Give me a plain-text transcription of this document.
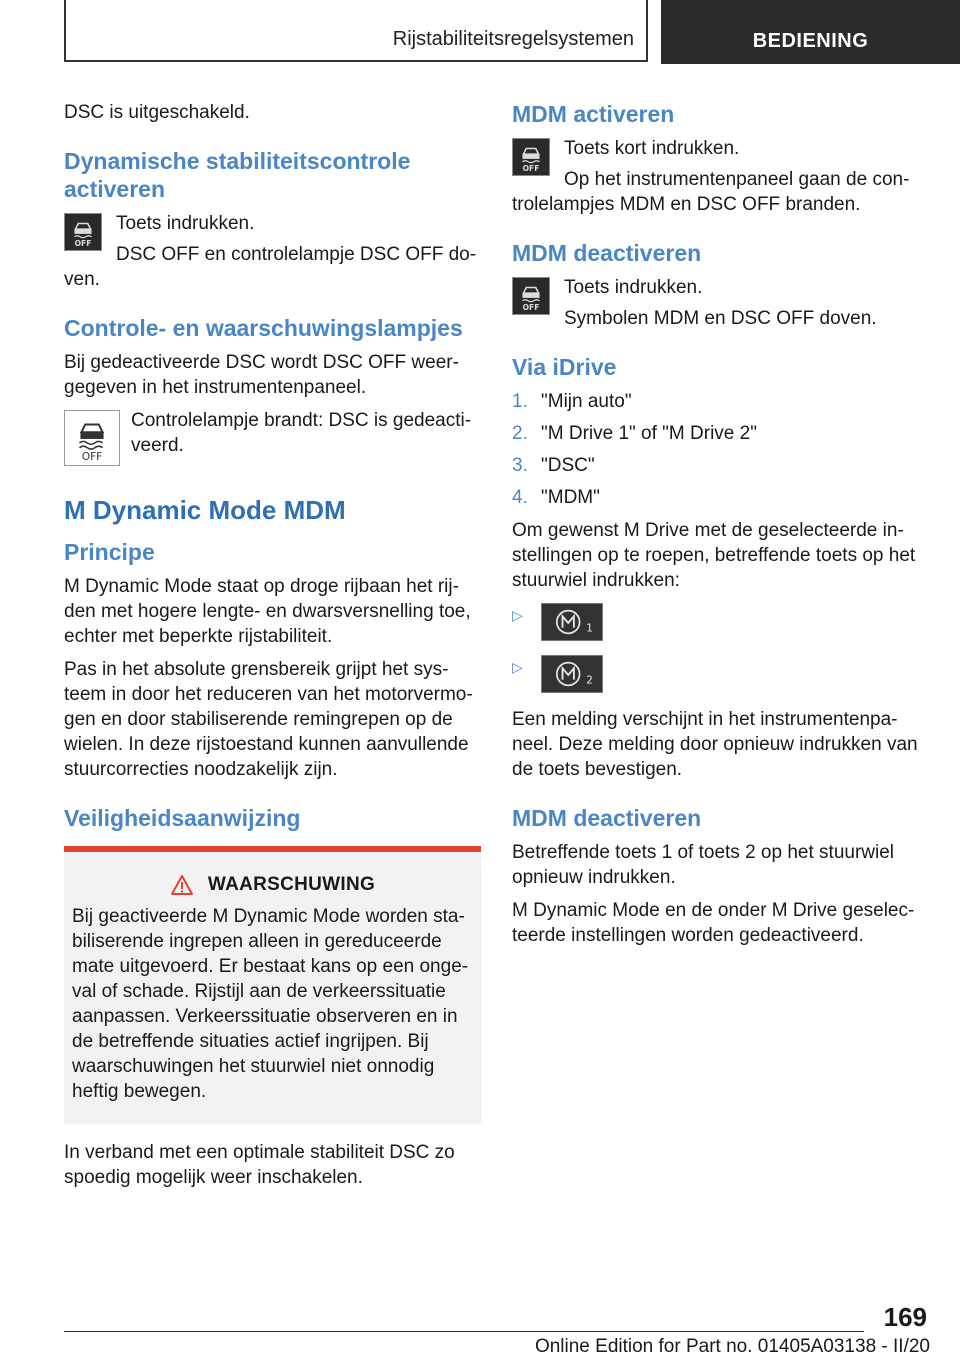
Rijstabiliteitsregelsystemen	BEDIENING

DSC is uitgeschakeld.

Dynamische stabiliteitscontrole activeren
OFF

Toets indrukken.

DSC OFF en controlelampje DSC OFF do-

ven.

Controle- en waarschuwingslampjes

Bij gedeactiveerde DSC wordt DSC OFF weer-gegeven in het instrumentenpaneel.

OFF

Controlelampje brandt: DSC is gedeacti-veerd.

M Dynamic Mode MDM
Principe

M Dynamic Mode staat op droge rijbaan het rij-den met hogere lengte- en dwarsversnelling toe, echter met beperkte rijstabiliteit.

Pas in het absolute grensbereik grijpt het sys-teem in door het reduceren van het motorvermo-gen en door stabiliserende remingrepen op de wielen. In deze rijstoestand kunnen aanvullende stuurcorrecties noodzakelijk zijn.

Veiligheidsaanwijzing
WAARSCHUWING

Bij geactiveerde M Dynamic Mode worden sta-biliserende ingrepen alleen in gereduceerde mate uitgevoerd. Er bestaat kans op een onge-val of schade. Rijstijl aan de verkeerssituatie aanpassen. Verkeerssituatie observeren en in de betreffende situaties actief ingrijpen. Bij waarschuwingen het stuurwiel niet onnodig heftig bewegen.

In verband met een optimale stabiliteit DSC zo spoedig mogelijk weer inschakelen.

MDM activeren
OFF

Toets kort indrukken.

Op het instrumentenpaneel gaan de con-

trolelampjes MDM en DSC OFF branden.

MDM deactiveren
OFF

Toets indrukken.

Symbolen MDM en DSC OFF doven.

Via iDrive
1. "Mijn auto"
2. "M Drive 1" of "M Drive 2"
3. "DSC"
4. "MDM"

Om gewenst M Drive met de geselecteerde in-stellingen op te roepen, betreffende toets op het stuurwiel indrukken:

▷
1
▷
2

Een melding verschijnt in het instrumentenpa-neel. Deze melding door opnieuw indrukken van de toets bevestigen.

MDM deactiveren

Betreffende toets 1 of toets 2 op het stuurwiel opnieuw indrukken.

M Dynamic Mode en de onder M Drive geselec-teerde instellingen worden gedeactiveerd.

169
Online Edition for Part no. 01405A03138 - II/20
